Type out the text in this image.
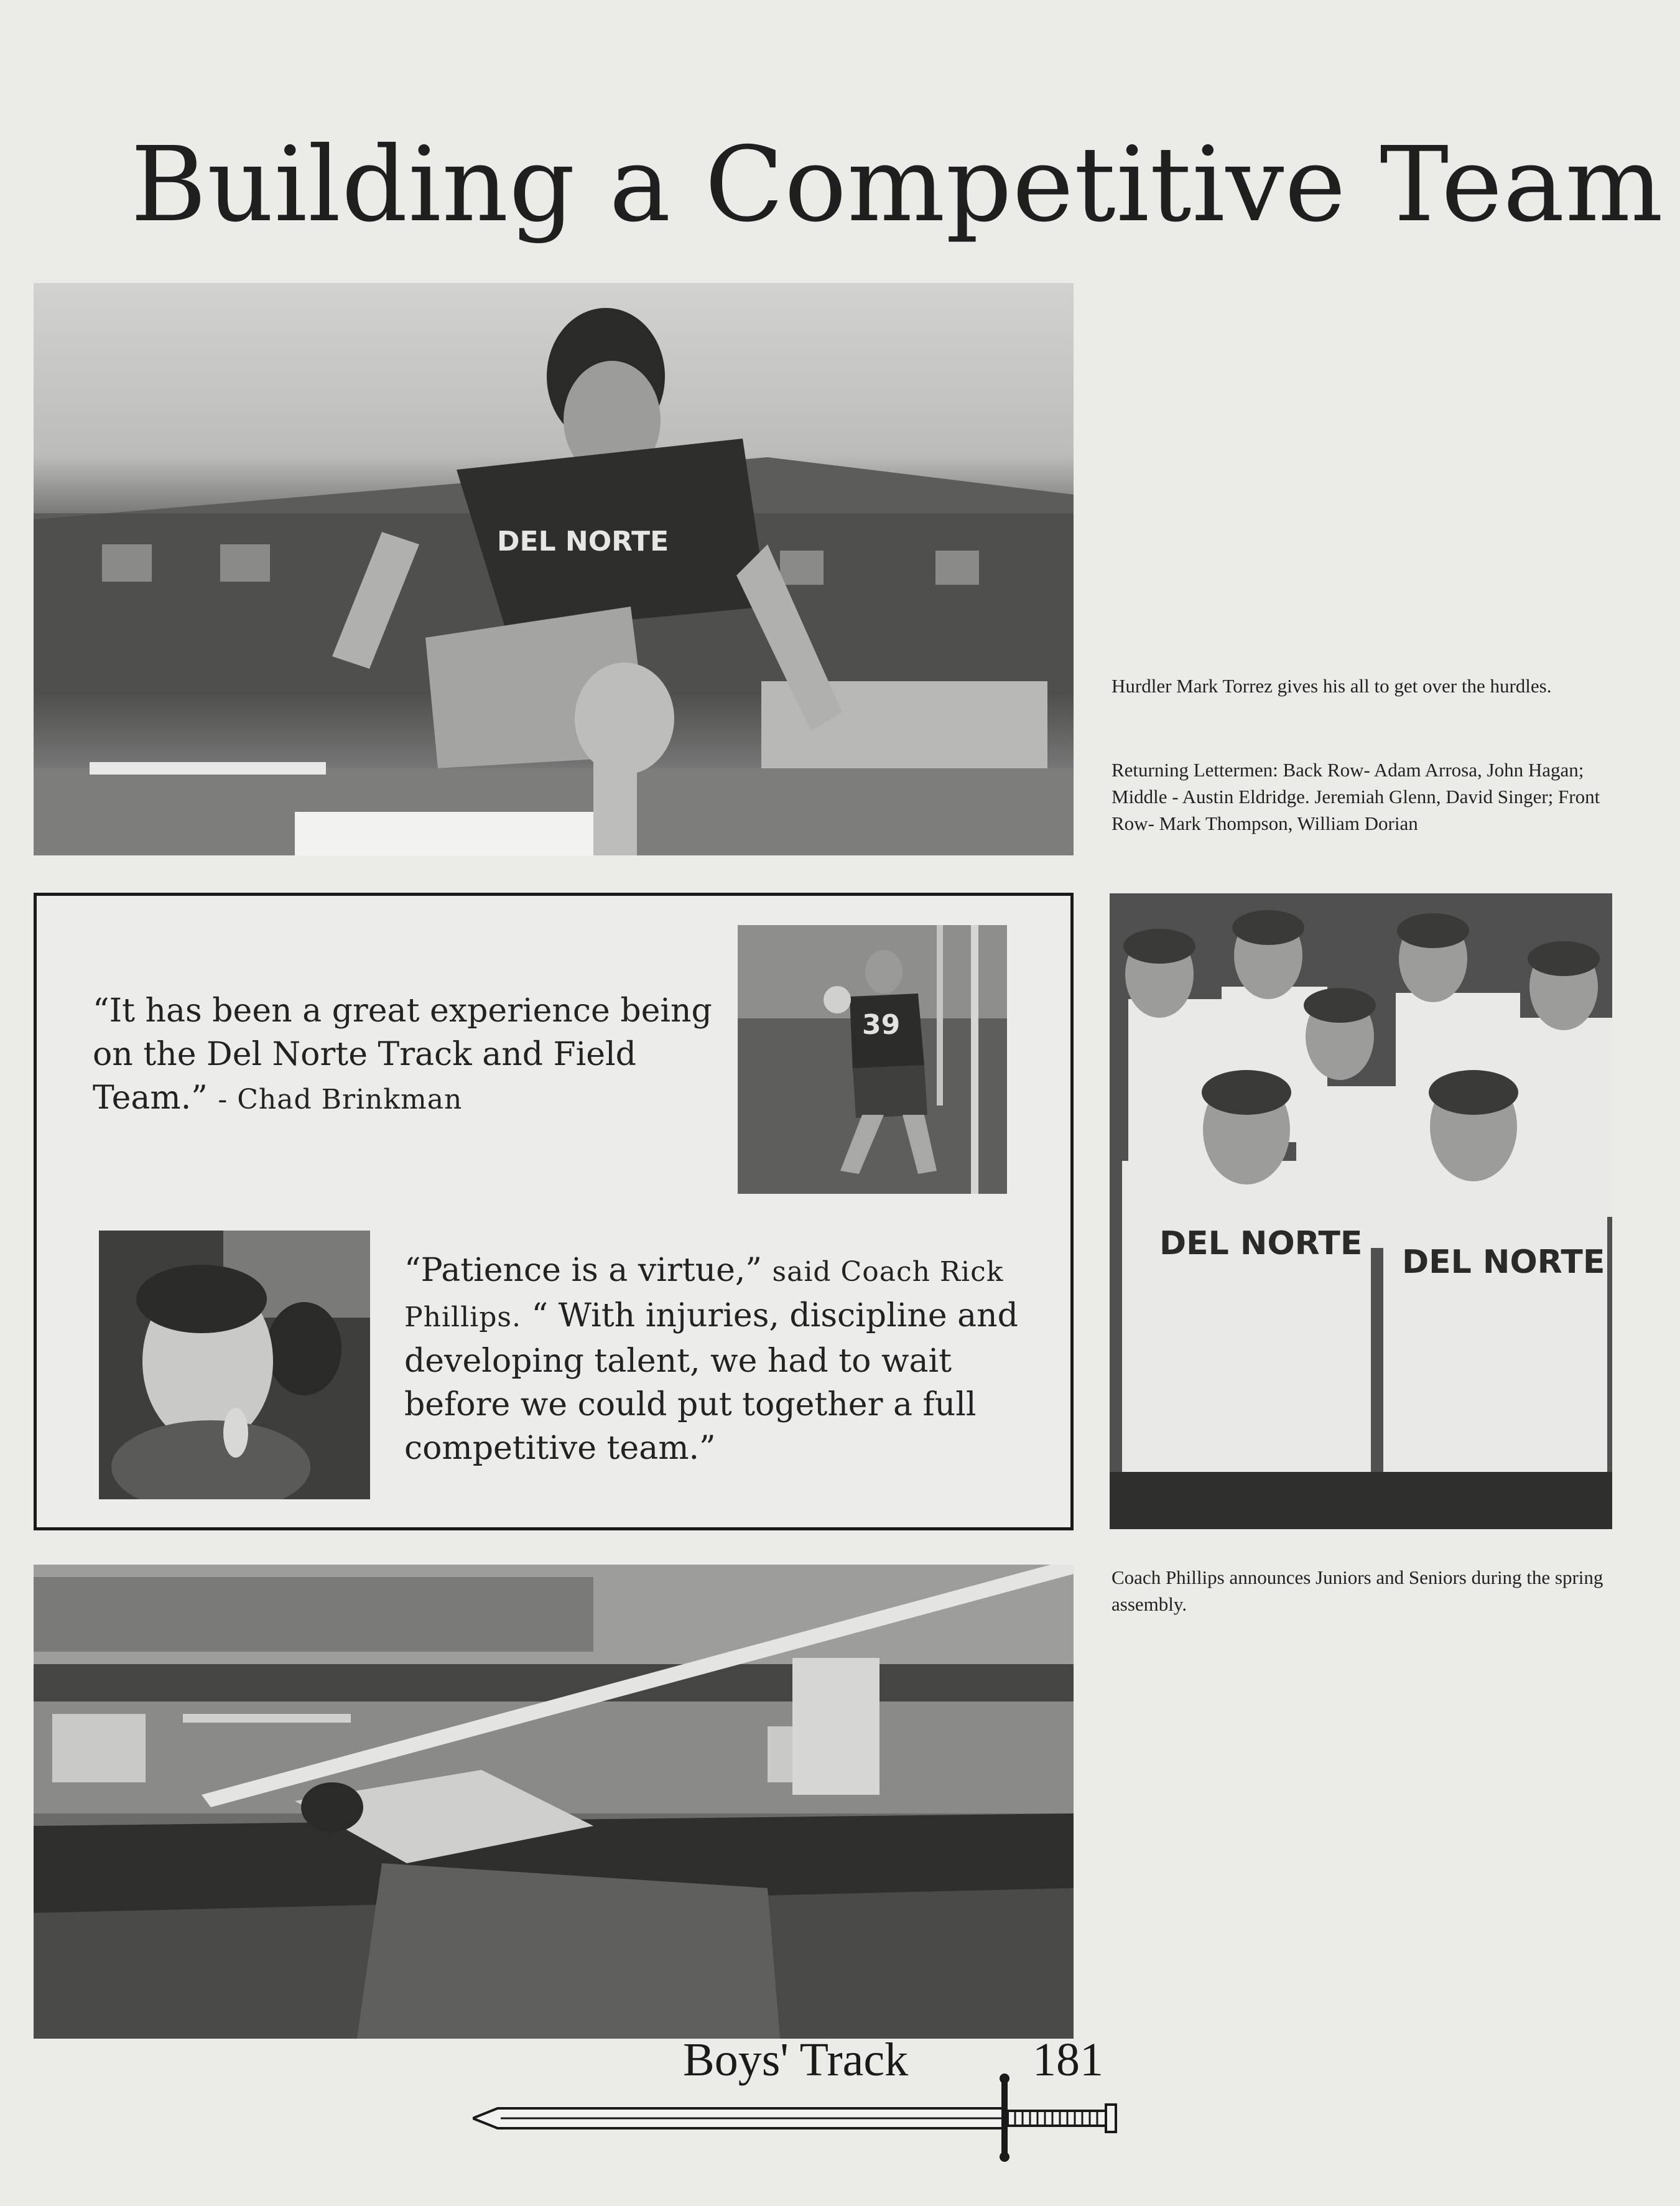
Building a Competitive Team
DEL NORTE

Hurdler Mark Torrez gives his all to get over the hurdles.

Returning Lettermen: Back Row- Adam Arrosa, John Hagan; Middle - Austin Eldridge. Jeremiah Glenn, David Singer; Front Row- Mark Thompson, William Dorian

DEL NORTE DEL NORTE

Coach Phillips announces Juniors and Seniors during the spring assembly.

“It has been a great experience being on the Del Norte Track and Field Team.” - Chad Brinkman

39

“Patience is a virtue,” said Coach Rick Phillips. “ With injuries, discipline and developing talent, we had to wait before we could put together a full competitive team.”

Boys' Track	181
